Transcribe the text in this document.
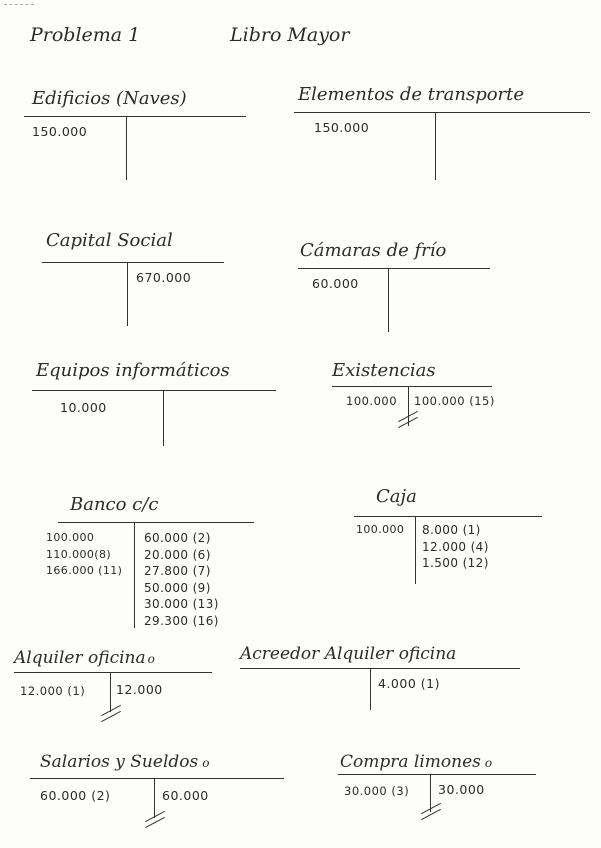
Problema 1	Libro Mayor
Edificios (Naves)
150.000
Elementos de transporte
150.000
Capital Social
670.000
Cámaras de frío
60.000
Equipos informáticos
10.000
Existencias
100.000 100.000 (15)
Banco c/c
100.000
110.000(8)
166.000 (11)
60.000 (2)
20.000 (6)
27.800 (7)
50.000 (9)
30.000 (13)
29.300 (16)
Caja
100.000 8.000 (1)
12.000 (4)
1.500 (12)
Alquiler oficina o
12.000 (1) 12.000
Acreedor Alquiler oficina
4.000 (1)
Salarios y Sueldos o
60.000 (2)	60.000
Compra limones o
30.000 (3) 30.000
